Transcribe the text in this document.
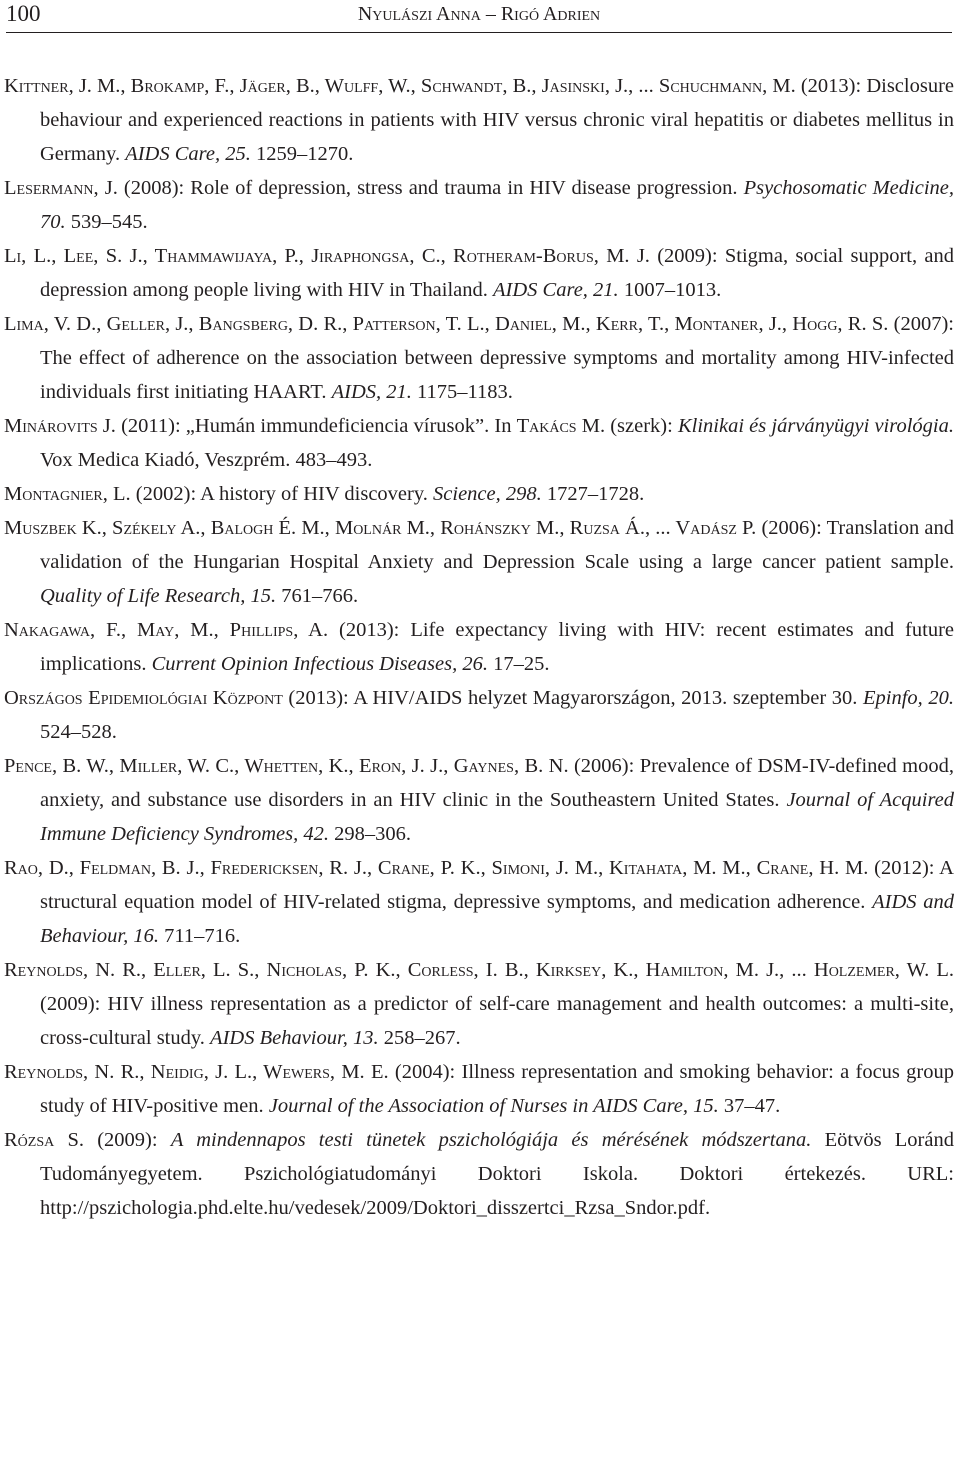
100	Nyulászi Anna – Rigó Adrien

Kittner, J. M., Brokamp, F., Jäger, B., Wulff, W., Schwandt, B., Jasinski, J., ... Schuchmann, M. (2013): Disclosure behaviour and experienced reactions in patients with HIV versus chronic viral hepatitis or diabetes mellitus in Germany. AIDS Care, 25. 1259–1270.

Lesermann, J. (2008): Role of depression, stress and trauma in HIV disease progression. Psychosomatic Medicine, 70. 539–545.

Li, L., Lee, S. J., Thammawijaya, P., Jiraphongsa, C., Rotheram-Borus, M. J. (2009): Stigma, social support, and depression among people living with HIV in Thailand. AIDS Care, 21. 1007–1013.

Lima, V. D., Geller, J., Bangsberg, D. R., Patterson, T. L., Daniel, M., Kerr, T., Montaner, J., Hogg, R. S. (2007): The effect of adherence on the association between depressive symptoms and mortality among HIV-infected individuals first initiating HAART. AIDS, 21. 1175–1183.

Minárovits J. (2011): „Humán immundeficiencia vírusok”. In Takács M. (szerk): Klinikai és járványügyi virológia. Vox Medica Kiadó, Veszprém. 483–493.

Montagnier, L. (2002): A history of HIV discovery. Science, 298. 1727–1728.

Muszbek K., Székely A., Balogh É. M., Molnár M., Rohánszky M., Ruzsa Á., ... Vadász P. (2006): Translation and validation of the Hungarian Hospital Anxiety and Depression Scale using a large cancer patient sample. Quality of Life Research, 15. 761–766.

Nakagawa, F., May, M., Phillips, A. (2013): Life expectancy living with HIV: recent estimates and future implications. Current Opinion Infectious Diseases, 26. 17–25.

Országos Epidemiológiai Központ (2013): A HIV/AIDS helyzet Magyarországon, 2013. szeptember 30. Epinfo, 20. 524–528.

Pence, B. W., Miller, W. C., Whetten, K., Eron, J. J., Gaynes, B. N. (2006): Prevalence of DSM-IV-defined mood, anxiety, and substance use disorders in an HIV clinic in the Southeastern United States. Journal of Acquired Immune Deficiency Syndromes, 42. 298–306.

Rao, D., Feldman, B. J., Fredericksen, R. J., Crane, P. K., Simoni, J. M., Kitahata, M. M., Crane, H. M. (2012): A structural equation model of HIV-related stigma, depressive symptoms, and medication adherence. AIDS and Behaviour, 16. 711–716.

Reynolds, N. R., Eller, L. S., Nicholas, P. K., Corless, I. B., Kirksey, K., Hamilton, M. J., ... Holzemer, W. L. (2009): HIV illness representation as a predictor of self-care management and health outcomes: a multi-site, cross-cultural study. AIDS Behaviour, 13. 258–267.

Reynolds, N. R., Neidig, J. L., Wewers, M. E. (2004): Illness representation and smoking behavior: a focus group study of HIV-positive men. Journal of the Association of Nurses in AIDS Care, 15. 37–47.

Rózsa S. (2009): A mindennapos testi tünetek pszichológiája és mérésének módszertana. Eötvös Loránd Tudományegyetem. Pszichológiatudományi Doktori Iskola. Doktori értekezés. URL: http://pszichologia.phd.elte.hu/vedesek/2009/Doktori_disszertci_Rzsa_Sndor.pdf.
